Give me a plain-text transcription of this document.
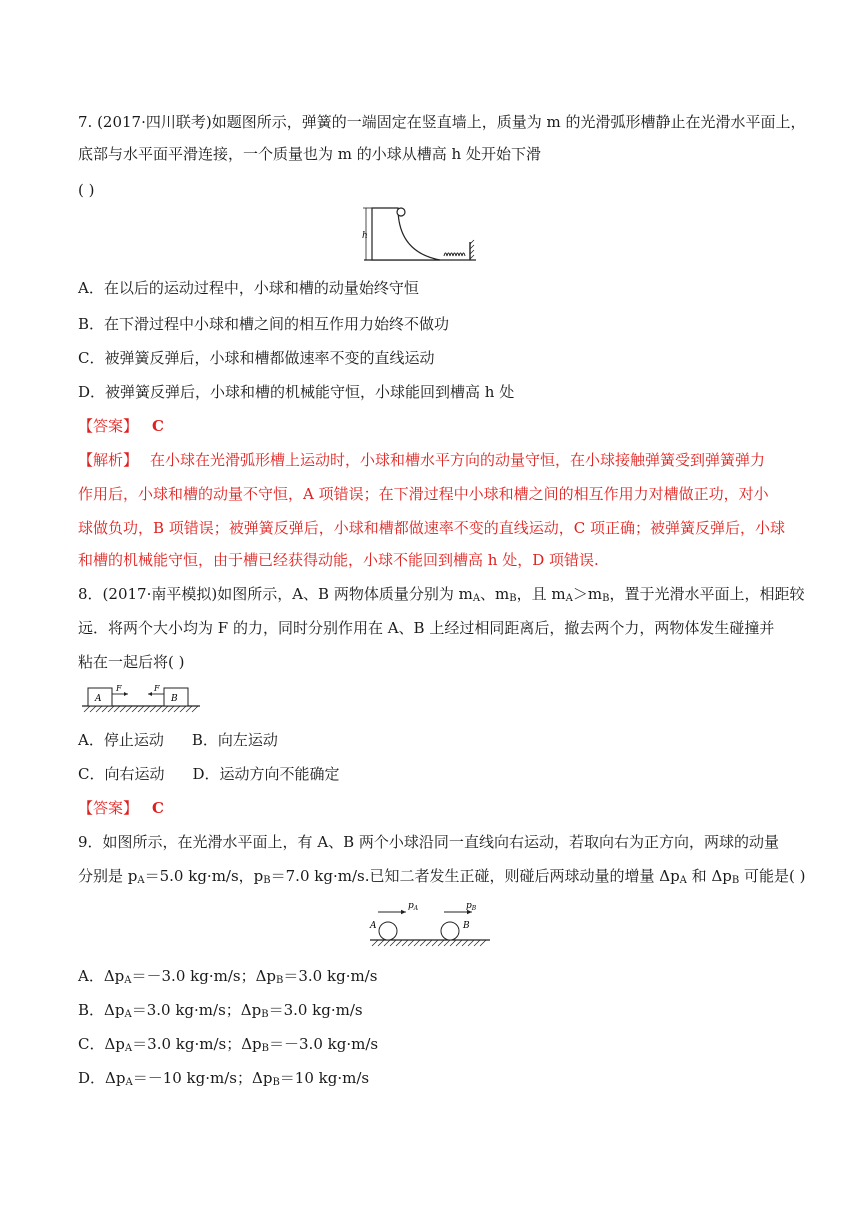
7. (2017·四川联考)如题图所示，弹簧的一端固定在竖直墙上，质量为 m 的光滑弧形槽静止在光滑水平面上，
底部与水平面平滑连接，一个质量也为 m 的小球从槽高 h 处开始下滑
( )
h
A．在以后的运动过程中，小球和槽的动量始终守恒
B．在下滑过程中小球和槽之间的相互作用力始终不做功
C．被弹簧反弹后，小球和槽都做速率不变的直线运动
D．被弹簧反弹后，小球和槽的机械能守恒，小球能回到槽高 h 处
【答案】 C
【解析】 在小球在光滑弧形槽上运动时，小球和槽水平方向的动量守恒，在小球接触弹簧受到弹簧弹力
作用后，小球和槽的动量不守恒，A 项错误；在下滑过程中小球和槽之间的相互作用力对槽做正功，对小
球做负功，B 项错误；被弹簧反弹后，小球和槽都做速率不变的直线运动，C 项正确；被弹簧反弹后，小球
和槽的机械能守恒，由于槽已经获得动能，小球不能回到槽高 h 处，D 项错误.
8．(2017·南平模拟)如图所示，A、B 两物体质量分别为 $m_A$、$m_B$，且 $m_A>m_B$，置于光滑水平面上，相距较
远．将两个大小均为 F 的力，同时分别作用在 A、B 上经过相同距离后，撤去两个力，两物体发生碰撞并
粘在一起后将( )
A
F
B
F
A．停止运动 B．向左运动
C．向右运动 D．运动方向不能确定
【答案】 C
9．如图所示，在光滑水平面上，有 A、B 两个小球沿同一直线向右运动，若取向右为正方向，两球的动量
分别是 $p_A=5.0$ kg·m/s，$p_B=7.0$ kg·m/s.已知二者发生正碰，则碰后两球动量的增量 $\Delta p_A$ 和 $\Delta p_B$ 可能是( )
A	B
$p_A$	$p_B$
A．$\Delta p_A=-3.0$ kg·m/s；$\Delta p_B=3.0$ kg·m/s
B．$\Delta p_A=3.0$ kg·m/s；$\Delta p_B=3.0$ kg·m/s
C．$\Delta p_A=3.0$ kg·m/s；$\Delta p_B=-3.0$ kg·m/s
D．$\Delta p_A=-10$ kg·m/s；$\Delta p_B=10$ kg·m/s
